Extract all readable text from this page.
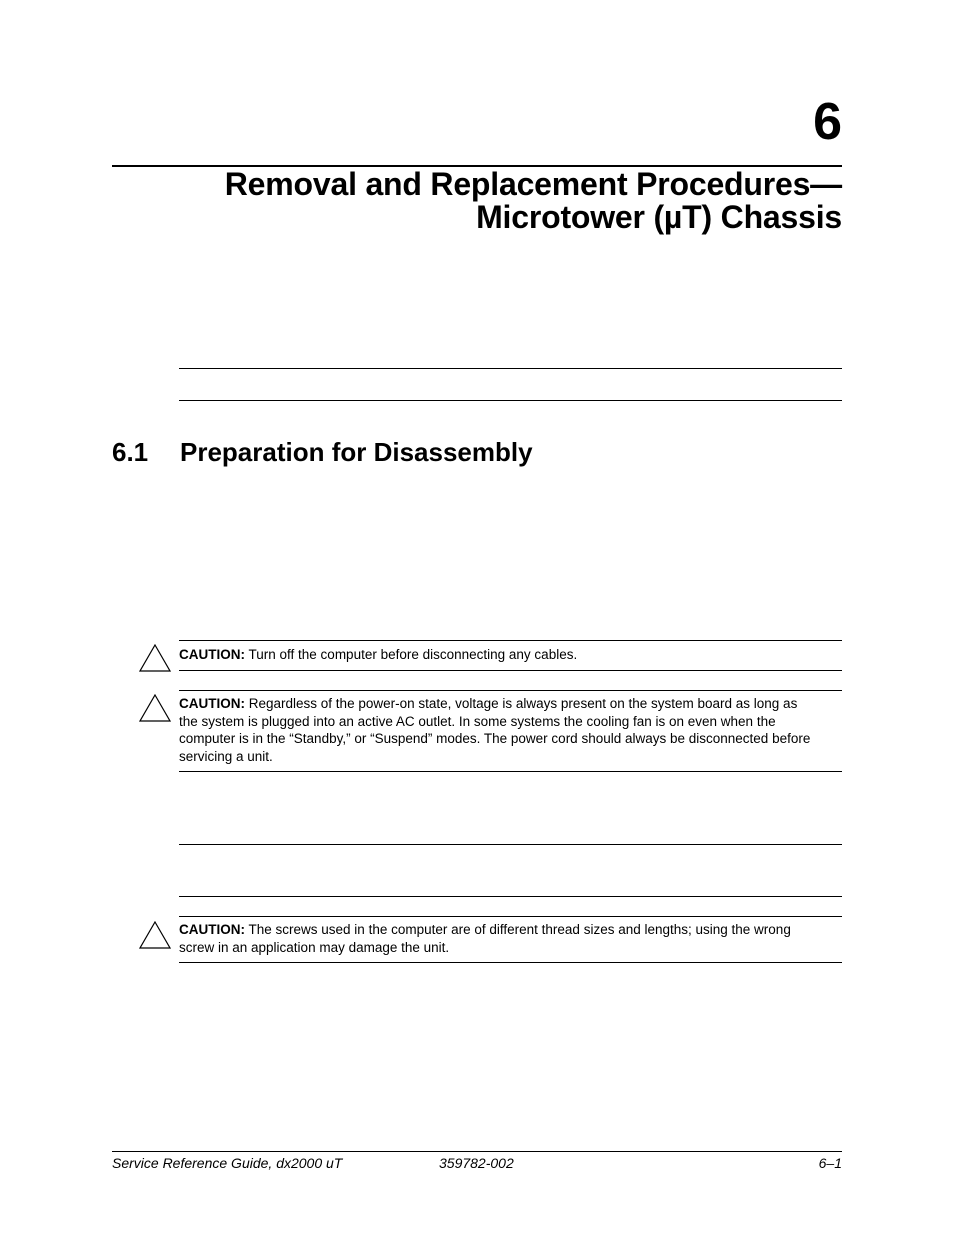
6
Removal and Replacement Procedures—
Microtower (µT) Chassis
6.1 Preparation for Disassembly
CAUTION: Turn off the computer before disconnecting any cables.
CAUTION: Regardless of the power-on state, voltage is always present on the system board as long as the system is plugged into an active AC outlet. In some systems the cooling fan is on even when the computer is in the “Standby,” or “Suspend” modes. The power cord should always be disconnected before servicing a unit.
CAUTION: The screws used in the computer are of different thread sizes and lengths; using the wrong screw in an application may damage the unit.
Service Reference Guide, dx2000 uT	359782-002	6–1
